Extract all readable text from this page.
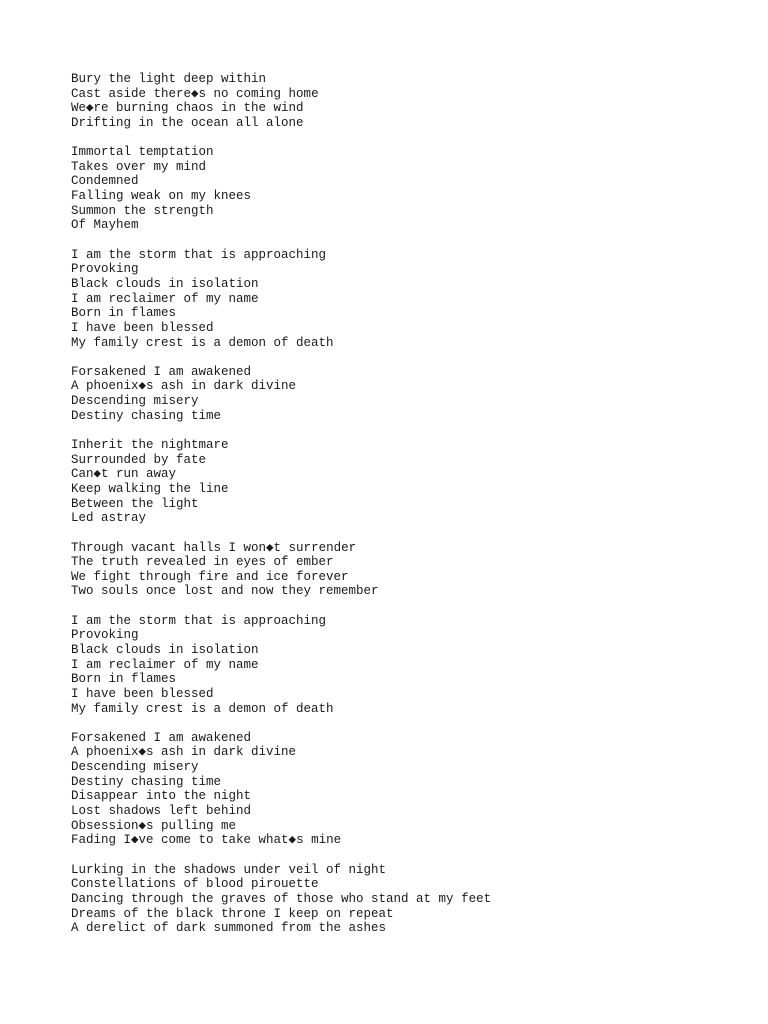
Bury the light deep within
Cast aside there◆s no coming home
We◆re burning chaos in the wind
Drifting in the ocean all alone
Immortal temptation
Takes over my mind
Condemned
Falling weak on my knees
Summon the strength
Of Mayhem
I am the storm that is approaching
Provoking
Black clouds in isolation
I am reclaimer of my name
Born in flames
I have been blessed
My family crest is a demon of death
Forsakened I am awakened
A phoenix◆s ash in dark divine
Descending misery
Destiny chasing time
Inherit the nightmare
Surrounded by fate
Can◆t run away
Keep walking the line
Between the light
Led astray
Through vacant halls I won◆t surrender
The truth revealed in eyes of ember
We fight through fire and ice forever
Two souls once lost and now they remember
I am the storm that is approaching
Provoking
Black clouds in isolation
I am reclaimer of my name
Born in flames
I have been blessed
My family crest is a demon of death
Forsakened I am awakened
A phoenix◆s ash in dark divine
Descending misery
Destiny chasing time
Disappear into the night
Lost shadows left behind
Obsession◆s pulling me
Fading I◆ve come to take what◆s mine
Lurking in the shadows under veil of night
Constellations of blood pirouette
Dancing through the graves of those who stand at my feet
Dreams of the black throne I keep on repeat
A derelict of dark summoned from the ashes
